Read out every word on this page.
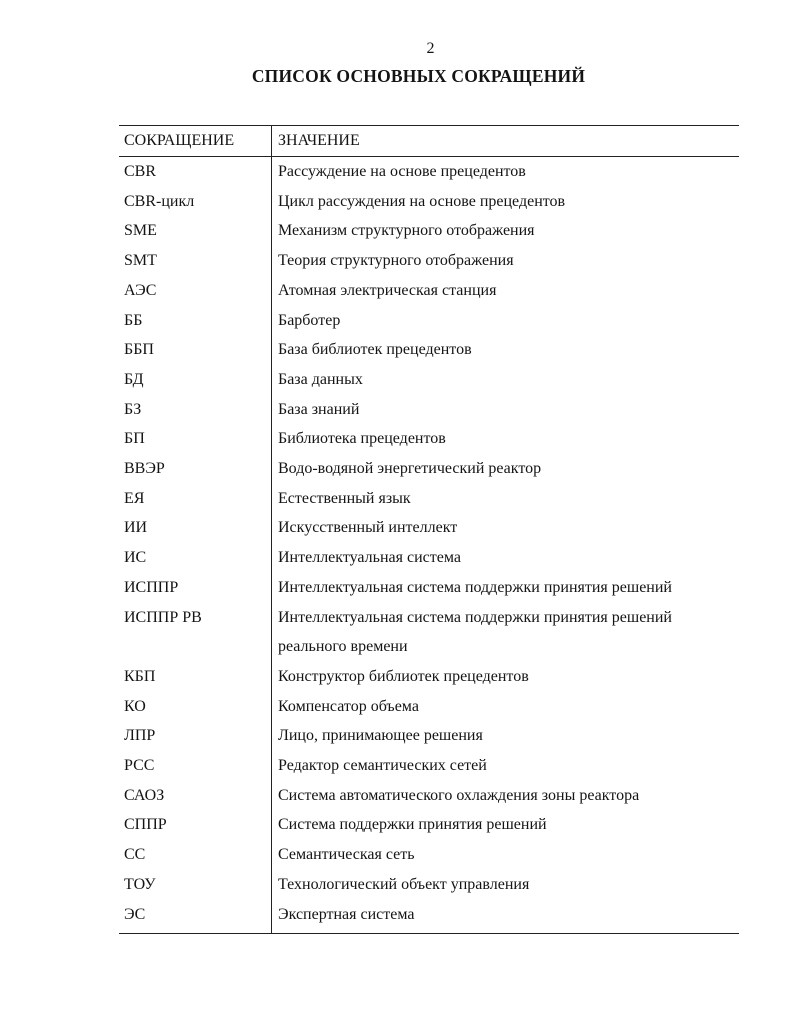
2
СПИСОК ОСНОВНЫХ СОКРАЩЕНИЙ
СОКРАЩЕНИЕ	ЗНАЧЕНИЕ
CBR	Рассуждение на основе прецедентов
CBR-цикл	Цикл рассуждения на основе прецедентов
SME	Механизм структурного отображения
SMT	Теория структурного отображения
АЭС	Атомная электрическая станция
ББ	Барботер
ББП	База библиотек прецедентов
БД	База данных
БЗ	База знаний
БП	Библиотека прецедентов
ВВЭР	Водо-водяной энергетический реактор
ЕЯ	Естественный язык
ИИ	Искусственный интеллект
ИС	Интеллектуальная система
ИСППР	Интеллектуальная система поддержки принятия решений
ИСППР РВ	Интеллектуальная система поддержки принятия решений
реального времени
КБП	Конструктор библиотек прецедентов
КО	Компенсатор объема
ЛПР	Лицо, принимающее решения
РСС	Редактор семантических сетей
САОЗ	Система автоматического охлаждения зоны реактора
СППР	Система поддержки принятия решений
СС	Семантическая сеть
ТОУ	Технологический объект управления
ЭС	Экспертная система
